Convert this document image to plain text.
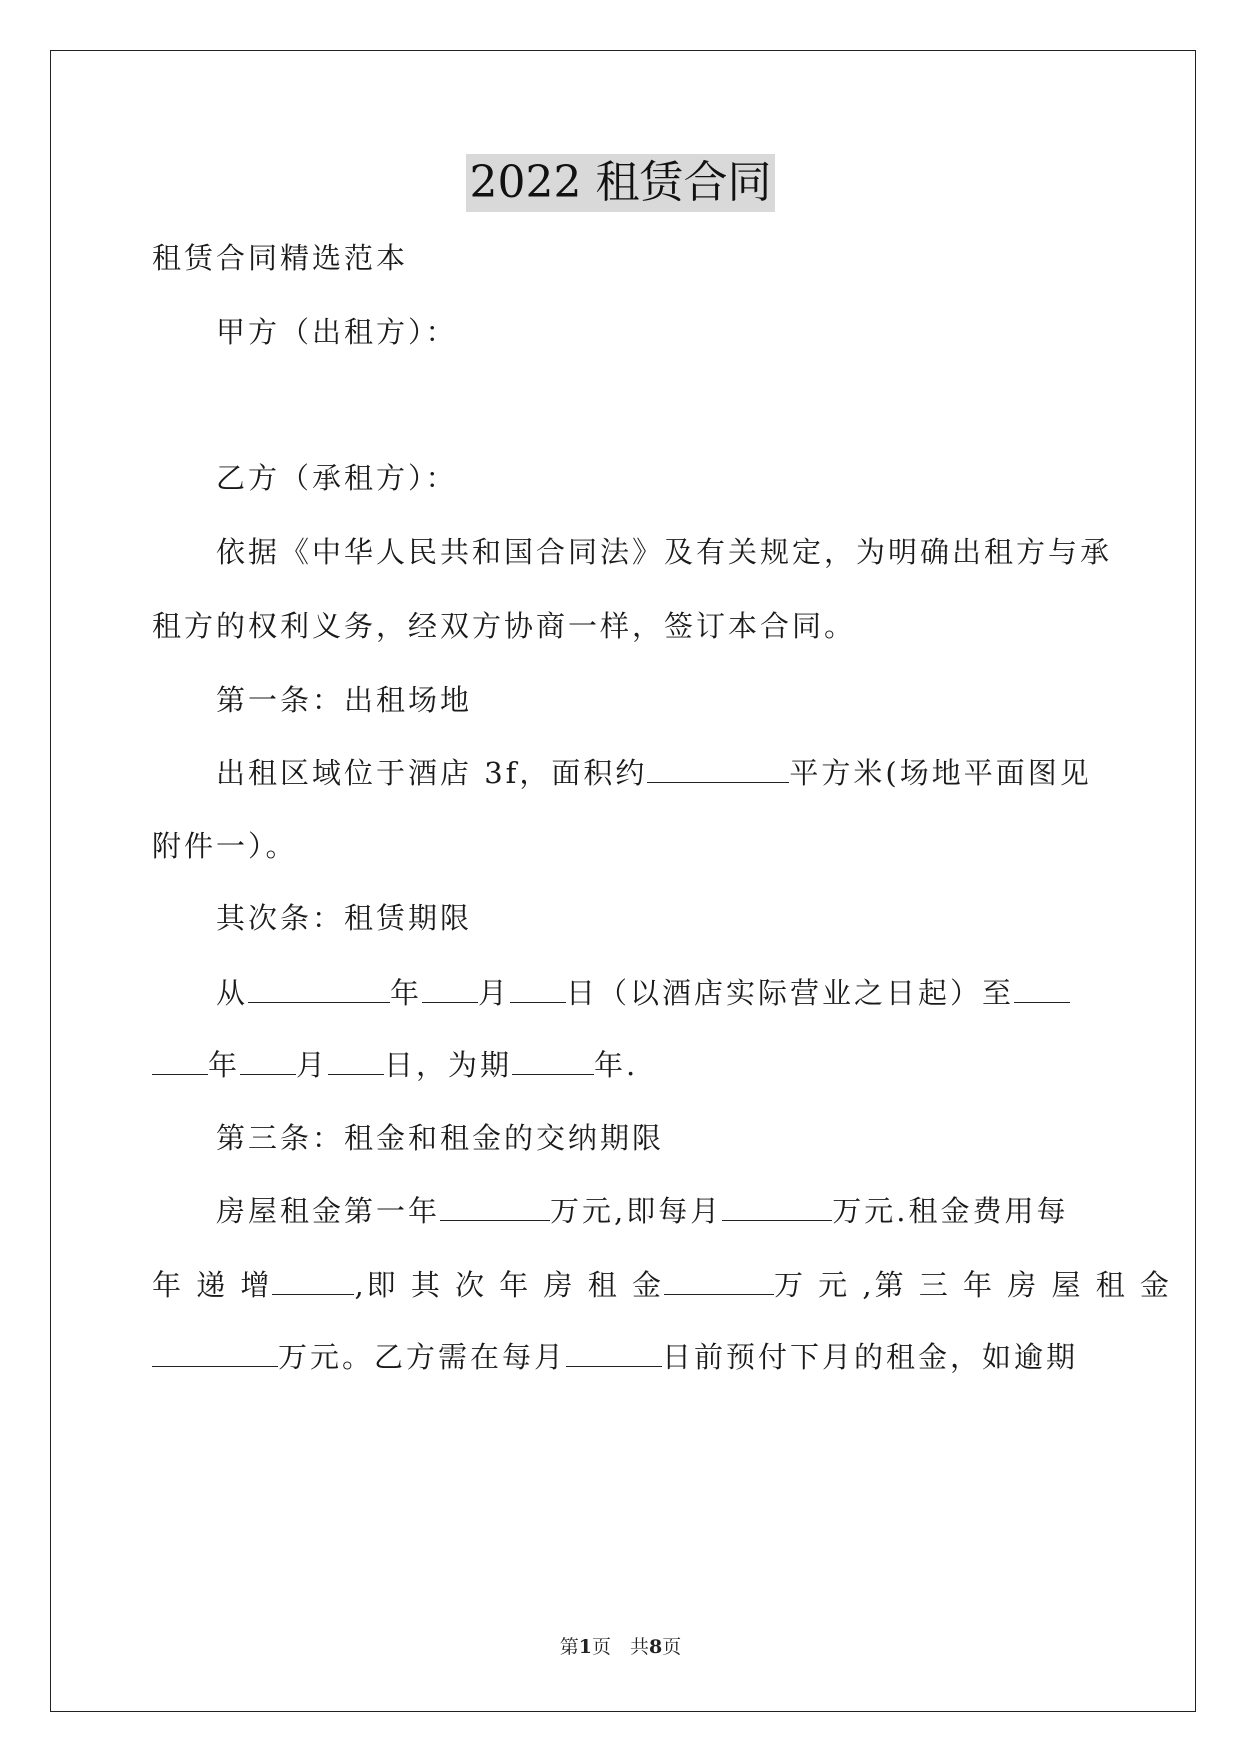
2022 租赁合同
租赁合同精选范本
甲方（出租方）：
乙方（承租方）：
依据《中华人民共和国合同法》及有关规定，为明确出租方与承
租方的权利义务，经双方协商一样，签订本合同。
第一条：出租场地
出租区域位于酒店 3f，面积约	平方米(场地平面图见
附件一）。
其次条：租赁期限
从	年 月 日（以酒店实际营业之日起）至
年 月 日，为期	年.
第三条：租金和租金的交纳期限
房屋租金第一年	万元,即每月	万元.租金费用每
年 递 增	,即 其 次 年 房 租 金	万 元 ,第 三 年 房 屋 租 金
万元。乙方需在每月	日前预付下月的租金，如逾期
第1页　共8页
